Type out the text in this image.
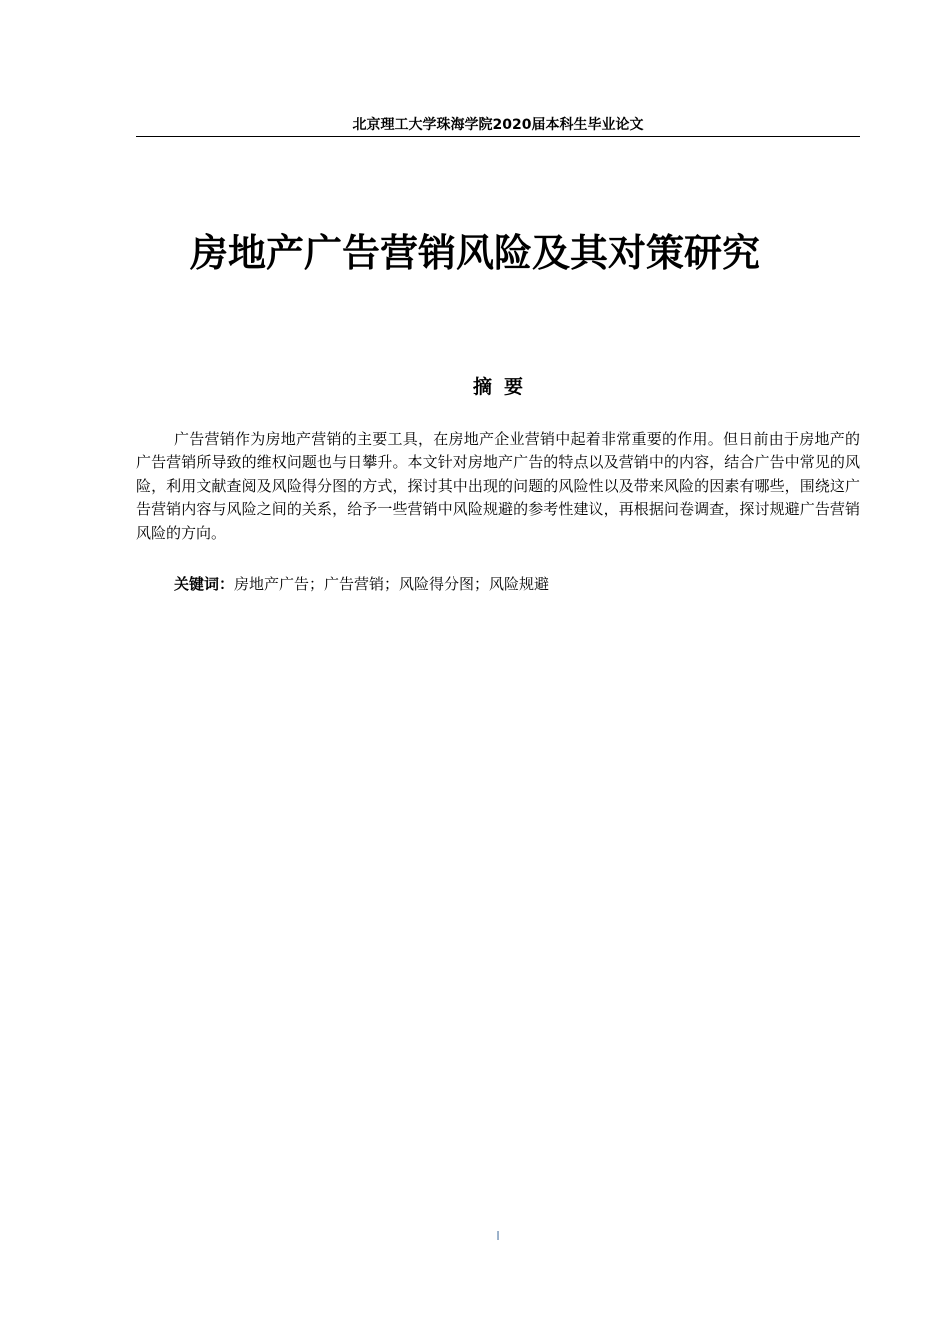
北京理工大学珠海学院2020届本科生毕业论文
房地产广告营销风险及其对策研究
摘要

广告营销作为房地产营销的主要工具，在房地产企业营销中起着非常重要的作用。但日前由于房地产的广告营销所导致的维权问题也与日攀升。本文针对房地产广告的特点以及营销中的内容，结合广告中常见的风险，利用文献查阅及风险得分图的方式，探讨其中出现的问题的风险性以及带来风险的因素有哪些，围绕这广告营销内容与风险之间的关系，给予一些营销中风险规避的参考性建议，再根据问卷调查，探讨规避广告营销风险的方向。

关键词：房地产广告；广告营销；风险得分图；风险规避

I
